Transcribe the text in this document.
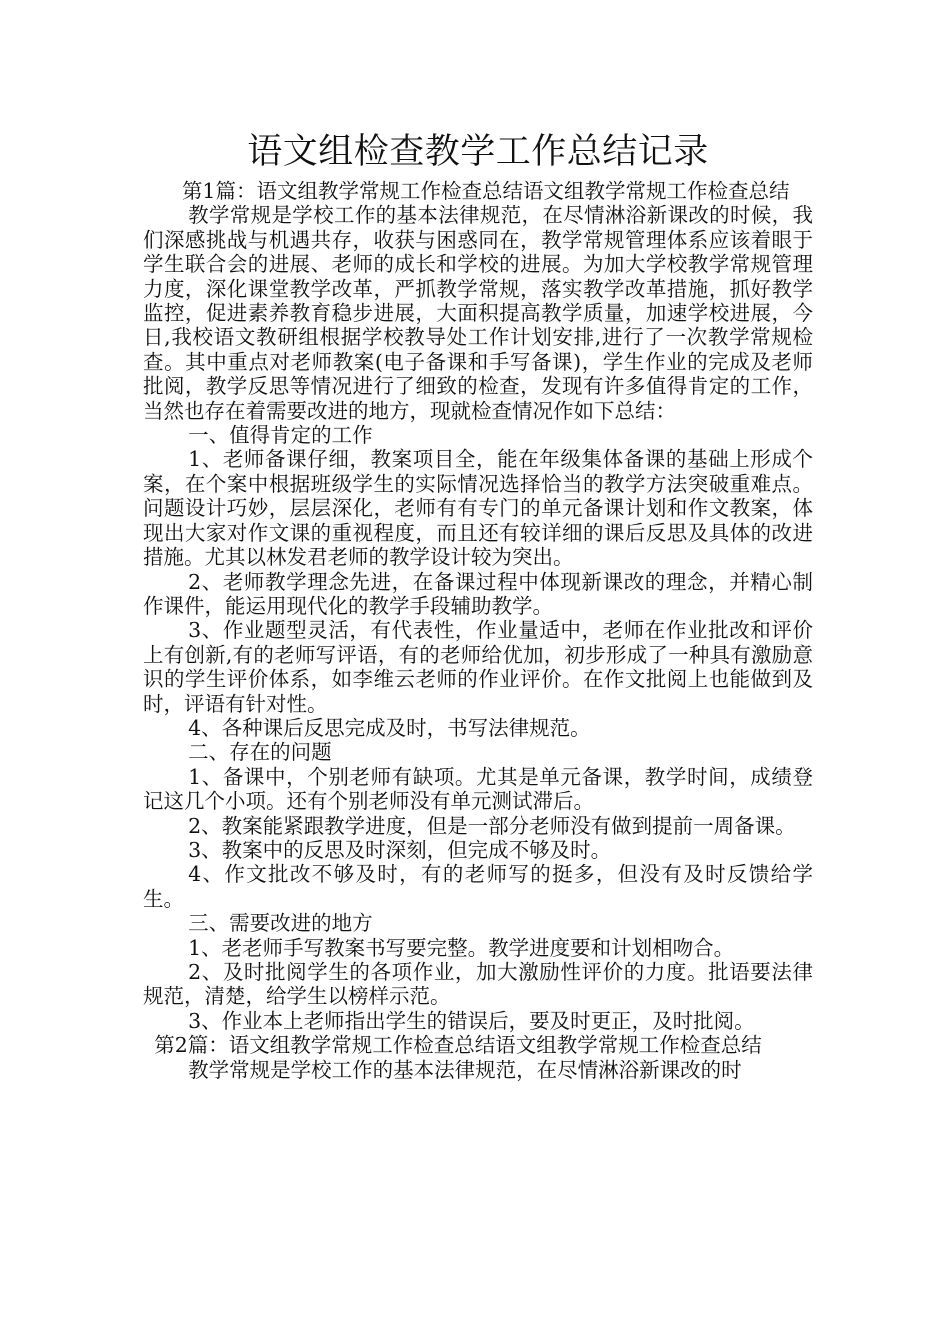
语文组检查教学工作总结记录

第1篇：语文组教学常规工作检查总结语文组教学常规工作检查总结

教学常规是学校工作的基本法律规范，在尽情淋浴新课改的时候，我们深感挑战与机遇共存，收获与困惑同在，教学常规管理体系应该着眼于学生联合会的进展、老师的成长和学校的进展。为加大学校教学常规管理力度，深化课堂教学改革，严抓教学常规，落实教学改革措施，抓好教学监控，促进素养教育稳步进展，大面积提高教学质量，加速学校进展，今日,我校语文教研组根据学校教导处工作计划安排,进行了一次教学常规检查。其中重点对老师教案(电子备课和手写备课)，学生作业的完成及老师批阅，教学反思等情况进行了细致的检查，发现有许多值得肯定的工作，当然也存在着需要改进的地方，现就检查情况作如下总结：

一、值得肯定的工作

1、老师备课仔细，教案项目全，能在年级集体备课的基础上形成个案，在个案中根据班级学生的实际情况选择恰当的教学方法突破重难点。问题设计巧妙，层层深化，老师有有专门的单元备课计划和作文教案，体现出大家对作文课的重视程度，而且还有较详细的课后反思及具体的改进措施。尤其以林发君老师的教学设计较为突出。

2、老师教学理念先进，在备课过程中体现新课改的理念，并精心制作课件，能运用现代化的教学手段辅助教学。

3、作业题型灵活，有代表性，作业量适中，老师在作业批改和评价上有创新,有的老师写评语，有的老师给优加，初步形成了一种具有激励意识的学生评价体系，如李维云老师的作业评价。在作文批阅上也能做到及时，评语有针对性。

4、各种课后反思完成及时，书写法律规范。

二、存在的问题

1、备课中，个别老师有缺项。尤其是单元备课，教学时间，成绩登记这几个小项。还有个别老师没有单元测试滞后。

2、教案能紧跟教学进度，但是一部分老师没有做到提前一周备课。

3、教案中的反思及时深刻，但完成不够及时。

4、作文批改不够及时，有的老师写的挺多，但没有及时反馈给学生。

三、需要改进的地方

1、老老师手写教案书写要完整。教学进度要和计划相吻合。

2、及时批阅学生的各项作业，加大激励性评价的力度。批语要法律规范，清楚，给学生以榜样示范。

3、作业本上老师指出学生的错误后，要及时更正，及时批阅。

第2篇：语文组教学常规工作检查总结语文组教学常规工作检查总结

教学常规是学校工作的基本法律规范，在尽情淋浴新课改的时
